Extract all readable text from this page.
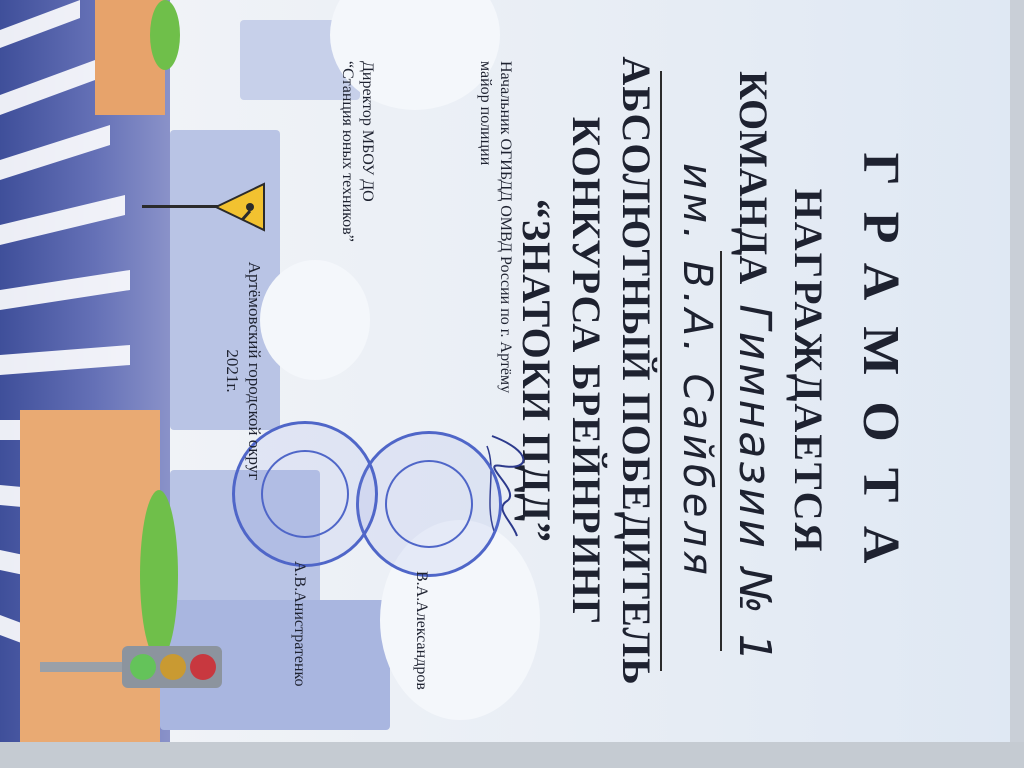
ГРАМОТА
НАГРАЖДАЕТСЯ
КОМАНДА Гимназии № 1
им. В.А. Сайбеля
АБСОЛЮТНЫЙ ПОБЕДИТЕЛЬ
КОНКУРСА БРЕЙНРИНГ
“ЗНАТОКИ ПДД”
Начальник ОГИБДД ОМВД России по г. Артёму
майор полиции
В.А.Александров
Директор МБОУ ДО
“Станция юных техников”
А.В.Анистратенко
Артёмовский городской округ
2021г.
